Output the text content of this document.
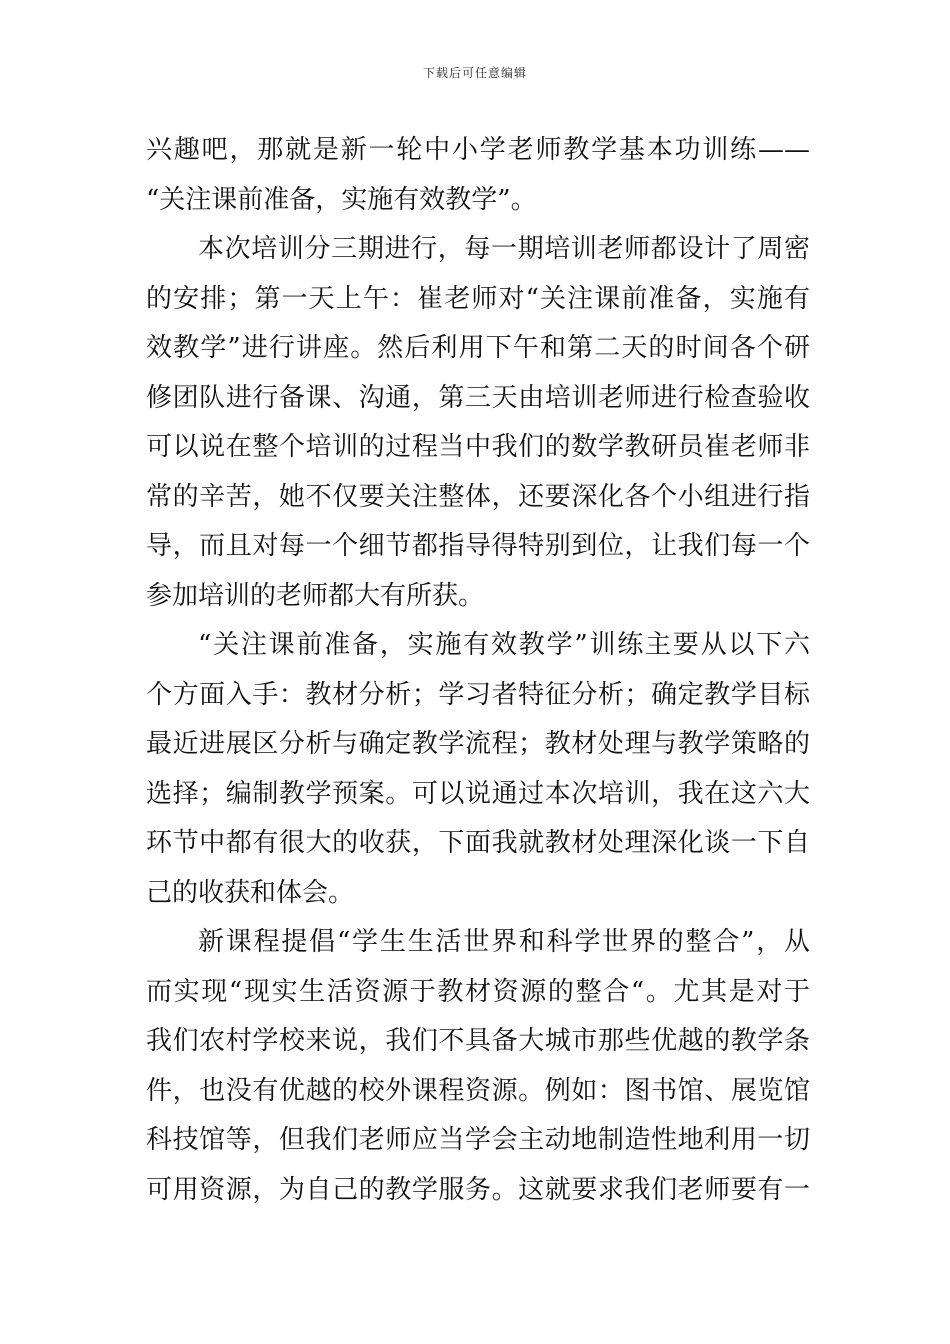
下载后可任意编辑
兴趣吧，那就是新一轮中小学老师教学基本功训练——
“关注课前准备，实施有效教学”。
本次培训分三期进行，每一期培训老师都设计了周密
的安排；第一天上午：崔老师对“关注课前准备，实施有
效教学”进行讲座。然后利用下午和第二天的时间各个研
修团队进行备课、沟通，第三天由培训老师进行检查验收
可以说在整个培训的过程当中我们的数学教研员崔老师非
常的辛苦，她不仅要关注整体，还要深化各个小组进行指
导，而且对每一个细节都指导得特别到位，让我们每一个
参加培训的老师都大有所获。
“关注课前准备，实施有效教学”训练主要从以下六
个方面入手：教材分析；学习者特征分析；确定教学目标
最近进展区分析与确定教学流程；教材处理与教学策略的
选择；编制教学预案。可以说通过本次培训，我在这六大
环节中都有很大的收获，下面我就教材处理深化谈一下自
己的收获和体会。
新课程提倡“学生生活世界和科学世界的整合”，从
而实现“现实生活资源于教材资源的整合“。尤其是对于
我们农村学校来说，我们不具备大城市那些优越的教学条
件，也没有优越的校外课程资源。例如：图书馆、展览馆
科技馆等，但我们老师应当学会主动地制造性地利用一切
可用资源，为自己的教学服务。这就要求我们老师要有一
